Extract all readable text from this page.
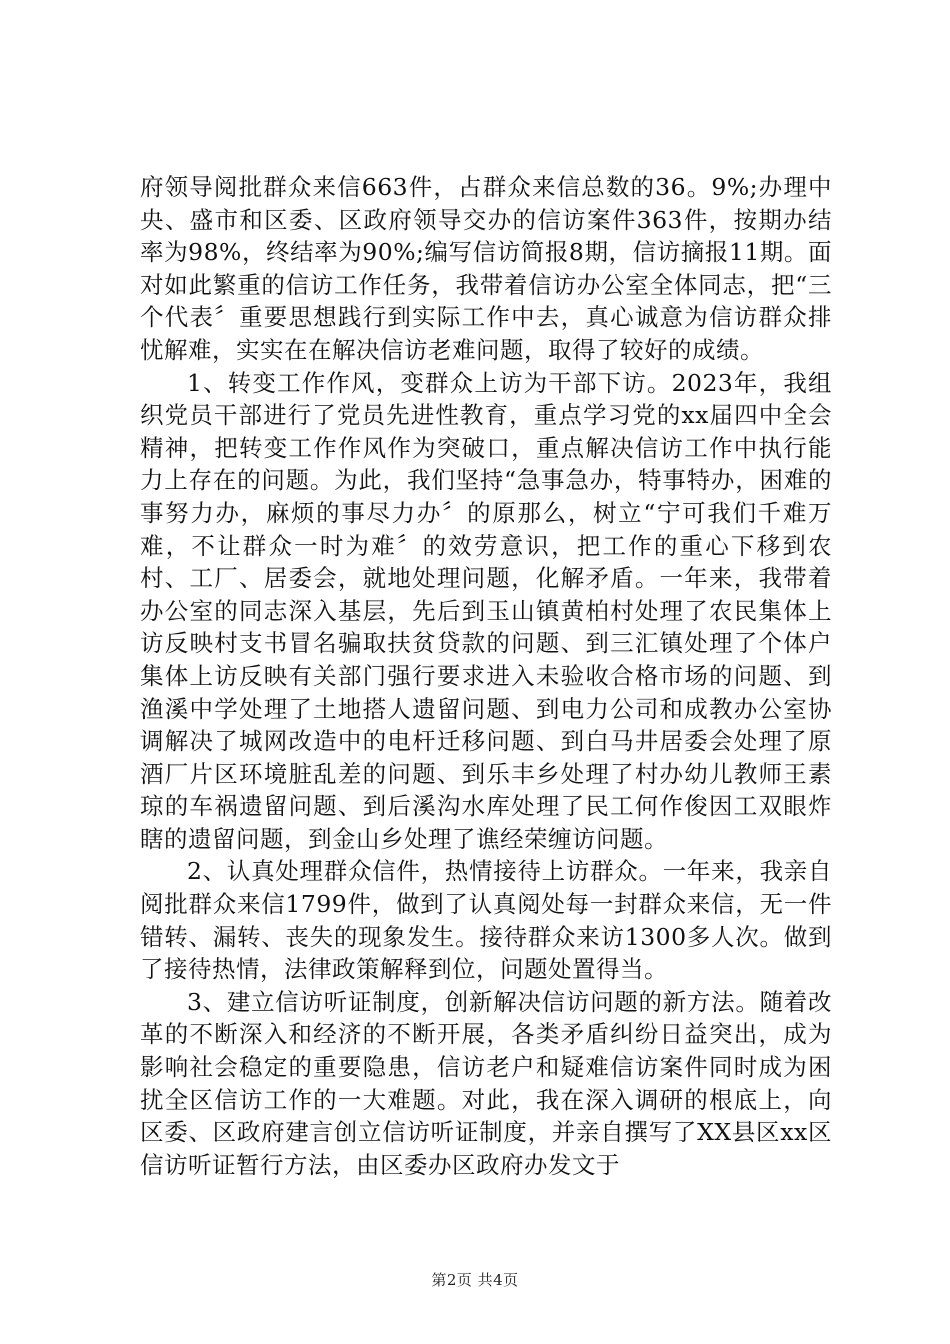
府领导阅批群众来信663件，占群众来信总数的36。9%;办理中央、盛市和区委、区政府领导交办的信访案件363件，按期办结率为98%，终结率为90%;编写信访简报8期，信访摘报11期。面对如此繁重的信访工作任务，我带着信访办公室全体同志，把“三个代表〞重要思想践行到实际工作中去，真心诚意为信访群众排忧解难，实实在在解决信访老难问题，取得了较好的成绩。

1、转变工作作风，变群众上访为干部下访。2023年，我组织党员干部进行了党员先进性教育，重点学习党的xx届四中全会精神，把转变工作作风作为突破口，重点解决信访工作中执行能力上存在的问题。为此，我们坚持“急事急办，特事特办，困难的事努力办，麻烦的事尽力办〞的原那么，树立“宁可我们千难万难，不让群众一时为难〞的效劳意识，把工作的重心下移到农村、工厂、居委会，就地处理问题，化解矛盾。一年来，我带着办公室的同志深入基层，先后到玉山镇黄柏村处理了农民集体上访反映村支书冒名骗取扶贫贷款的问题、到三汇镇处理了个体户集体上访反映有关部门强行要求进入未验收合格市场的问题、到渔溪中学处理了土地搭人遗留问题、到电力公司和成教办公室协调解决了城网改造中的电杆迁移问题、到白马井居委会处理了原酒厂片区环境脏乱差的问题、到乐丰乡处理了村办幼儿教师王素琼的车祸遗留问题、到后溪沟水库处理了民工何作俊因工双眼炸瞎的遗留问题，到金山乡处理了谯经荣缠访问题。

2、认真处理群众信件，热情接待上访群众。一年来，我亲自阅批群众来信1799件，做到了认真阅处每一封群众来信，无一件错转、漏转、丧失的现象发生。接待群众来访1300多人次。做到了接待热情，法律政策解释到位，问题处置得当。

3、建立信访听证制度，创新解决信访问题的新方法。随着改革的不断深入和经济的不断开展，各类矛盾纠纷日益突出，成为影响社会稳定的重要隐患，信访老户和疑难信访案件同时成为困扰全区信访工作的一大难题。对此，我在深入调研的根底上，向区委、区政府建言创立信访听证制度，并亲自撰写了XX县区xx区信访听证暂行方法，由区委办区政府办发文于

第2页 共4页
